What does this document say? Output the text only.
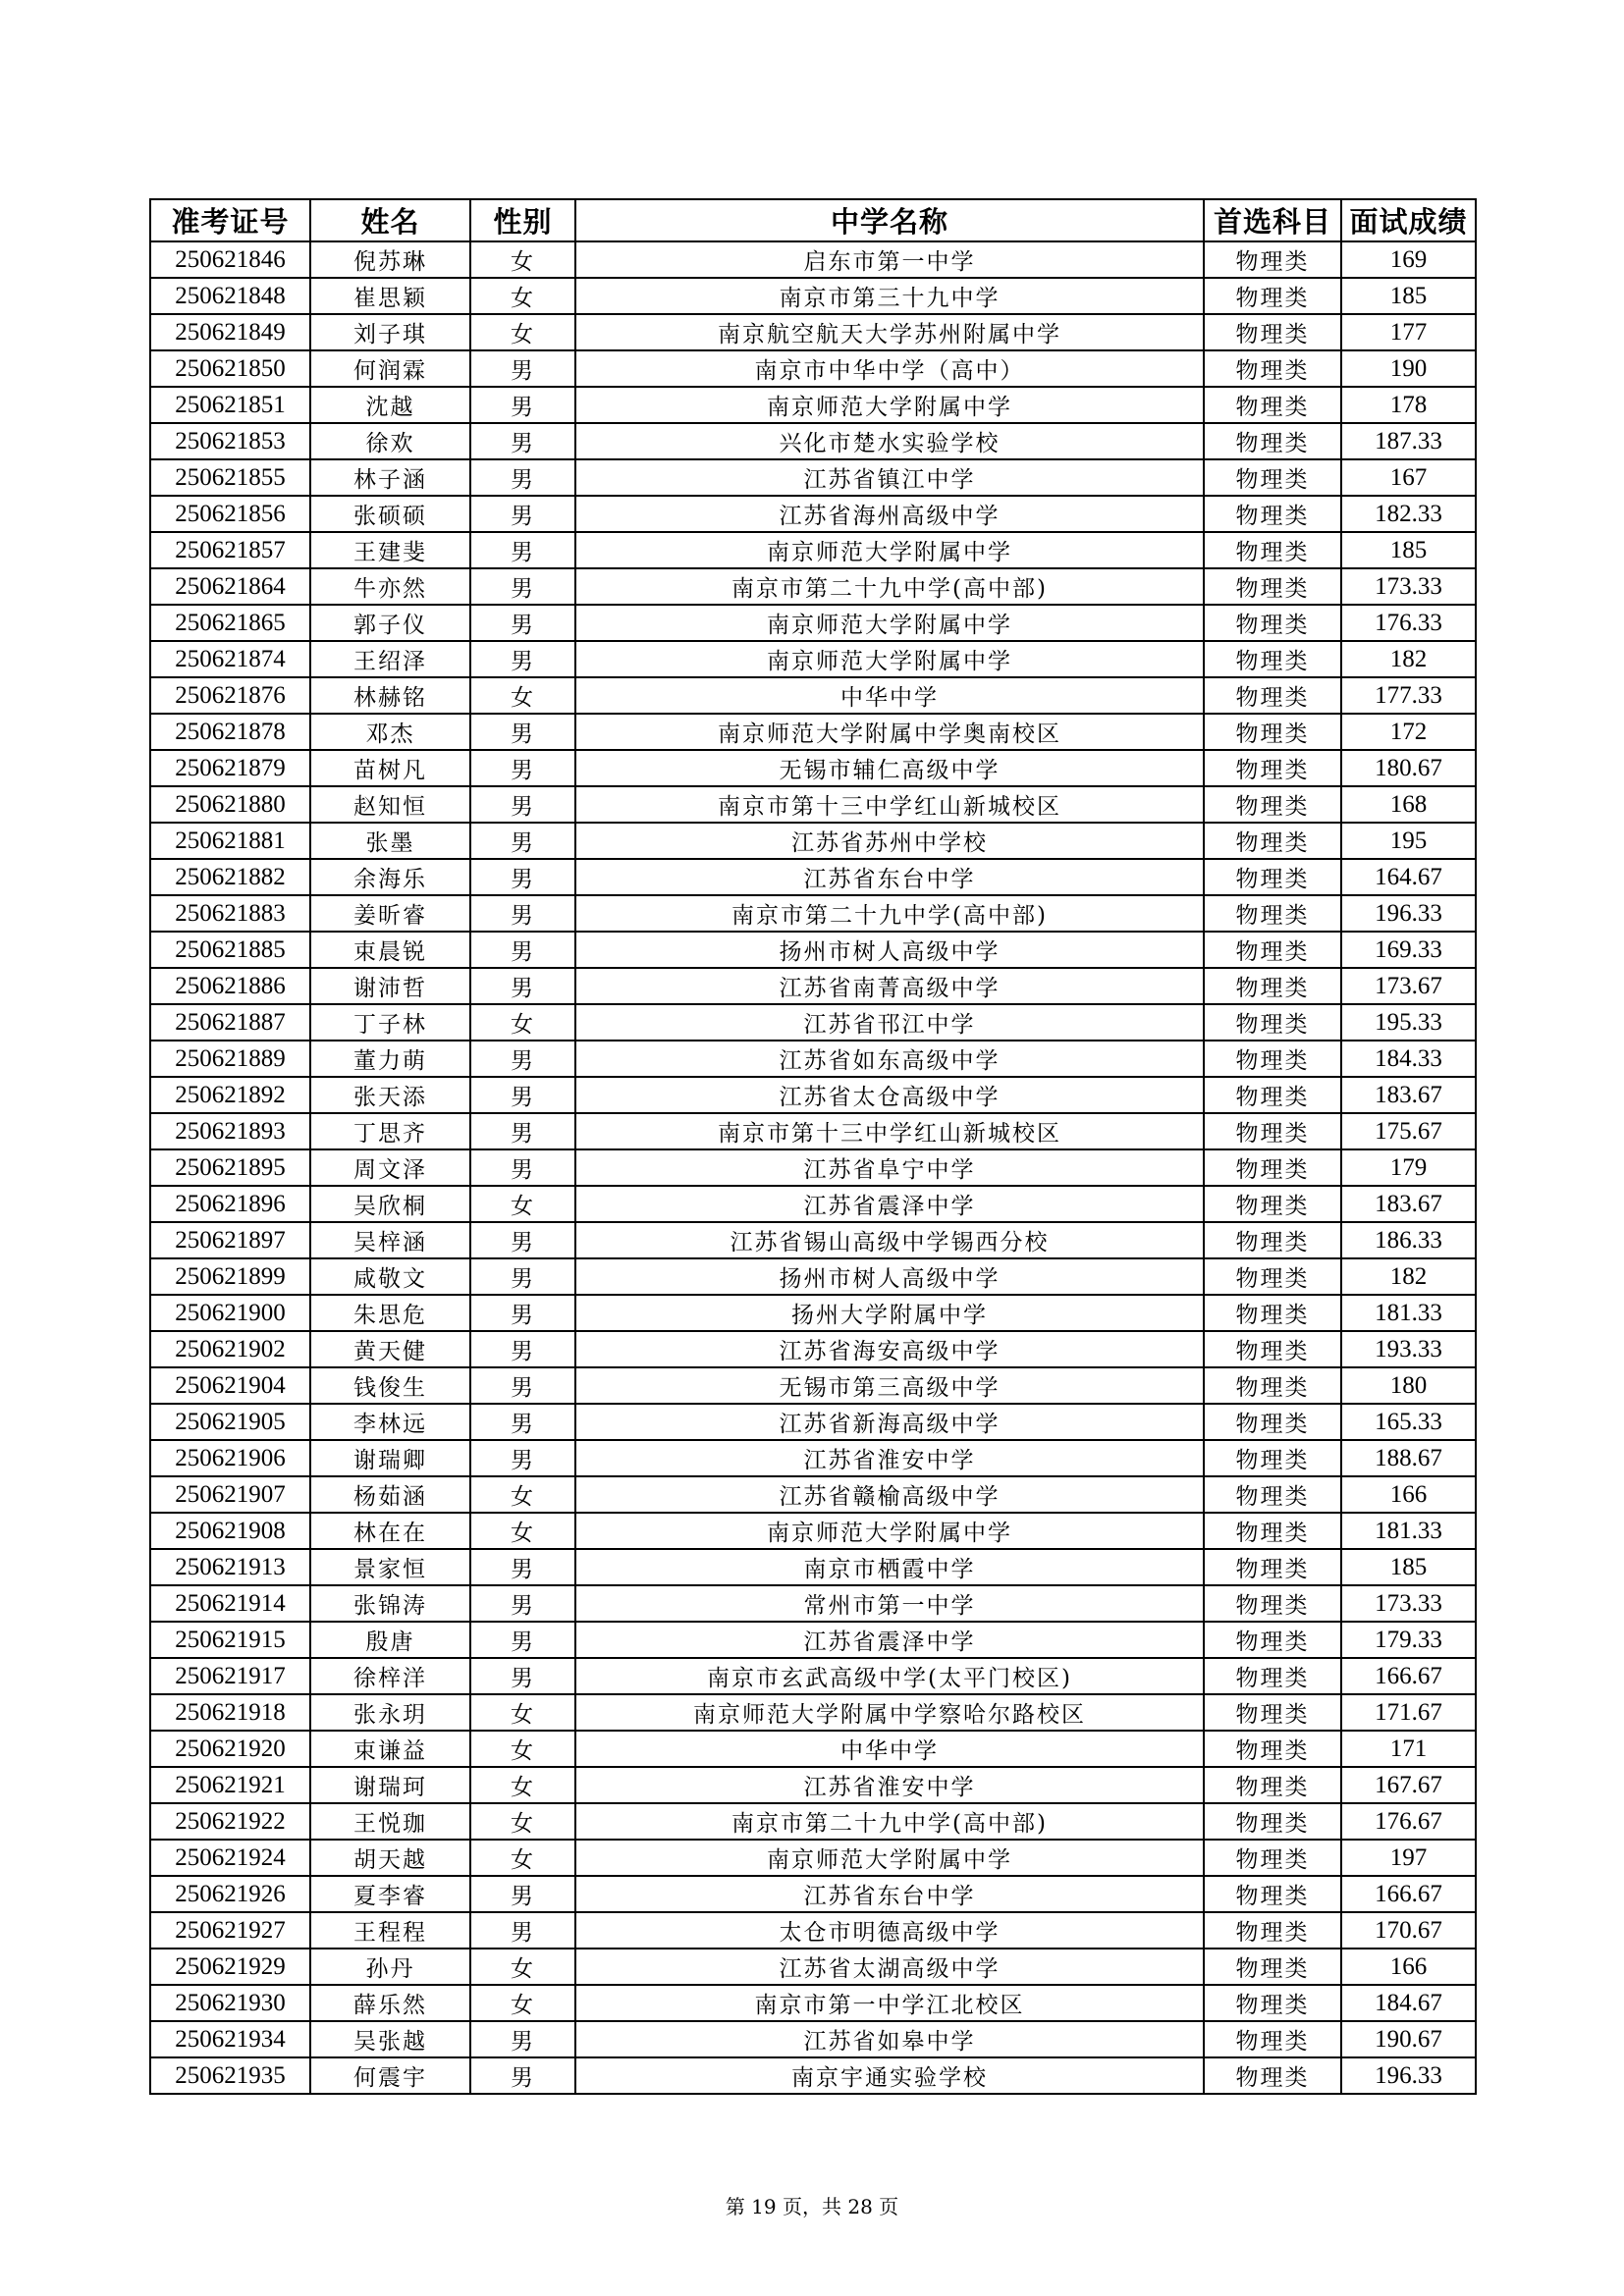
准考证号	姓名	性别	中学名称	首选科目	面试成绩
250621846	倪苏琳	女	启东市第一中学	物理类	169
250621848	崔思颖	女	南京市第三十九中学	物理类	185
250621849	刘子琪	女	南京航空航天大学苏州附属中学	物理类	177
250621850	何润霖	男	南京市中华中学（高中）	物理类	190
250621851	沈越	男	南京师范大学附属中学	物理类	178
250621853	徐欢	男	兴化市楚水实验学校	物理类	187.33
250621855	林子涵	男	江苏省镇江中学	物理类	167
250621856	张硕硕	男	江苏省海州高级中学	物理类	182.33
250621857	王建斐	男	南京师范大学附属中学	物理类	185
250621864	牛亦然	男	南京市第二十九中学(高中部)	物理类	173.33
250621865	郭子仪	男	南京师范大学附属中学	物理类	176.33
250621874	王绍泽	男	南京师范大学附属中学	物理类	182
250621876	林赫铭	女	中华中学	物理类	177.33
250621878	邓杰	男	南京师范大学附属中学奥南校区	物理类	172
250621879	苗树凡	男	无锡市辅仁高级中学	物理类	180.67
250621880	赵知恒	男	南京市第十三中学红山新城校区	物理类	168
250621881	张墨	男	江苏省苏州中学校	物理类	195
250621882	余海乐	男	江苏省东台中学	物理类	164.67
250621883	姜昕睿	男	南京市第二十九中学(高中部)	物理类	196.33
250621885	束晨锐	男	扬州市树人高级中学	物理类	169.33
250621886	谢沛哲	男	江苏省南菁高级中学	物理类	173.67
250621887	丁子林	女	江苏省邗江中学	物理类	195.33
250621889	董力萌	男	江苏省如东高级中学	物理类	184.33
250621892	张天添	男	江苏省太仓高级中学	物理类	183.67
250621893	丁思齐	男	南京市第十三中学红山新城校区	物理类	175.67
250621895	周文泽	男	江苏省阜宁中学	物理类	179
250621896	吴欣桐	女	江苏省震泽中学	物理类	183.67
250621897	吴梓涵	男	江苏省锡山高级中学锡西分校	物理类	186.33
250621899	咸敬文	男	扬州市树人高级中学	物理类	182
250621900	朱思危	男	扬州大学附属中学	物理类	181.33
250621902	黄天健	男	江苏省海安高级中学	物理类	193.33
250621904	钱俊生	男	无锡市第三高级中学	物理类	180
250621905	李林远	男	江苏省新海高级中学	物理类	165.33
250621906	谢瑞卿	男	江苏省淮安中学	物理类	188.67
250621907	杨茹涵	女	江苏省赣榆高级中学	物理类	166
250621908	林在在	女	南京师范大学附属中学	物理类	181.33
250621913	景家恒	男	南京市栖霞中学	物理类	185
250621914	张锦涛	男	常州市第一中学	物理类	173.33
250621915	殷唐	男	江苏省震泽中学	物理类	179.33
250621917	徐梓洋	男	南京市玄武高级中学(太平门校区)	物理类	166.67
250621918	张永玥	女	南京师范大学附属中学察哈尔路校区	物理类	171.67
250621920	束谦益	女	中华中学	物理类	171
250621921	谢瑞珂	女	江苏省淮安中学	物理类	167.67
250621922	王悦珈	女	南京市第二十九中学(高中部)	物理类	176.67
250621924	胡天越	女	南京师范大学附属中学	物理类	197
250621926	夏李睿	男	江苏省东台中学	物理类	166.67
250621927	王程程	男	太仓市明德高级中学	物理类	170.67
250621929	孙丹	女	江苏省太湖高级中学	物理类	166
250621930	薛乐然	女	南京市第一中学江北校区	物理类	184.67
250621934	吴张越	男	江苏省如皋中学	物理类	190.67
250621935	何震宇	男	南京宇通实验学校	物理类	196.33
第 19 页，共 28 页
